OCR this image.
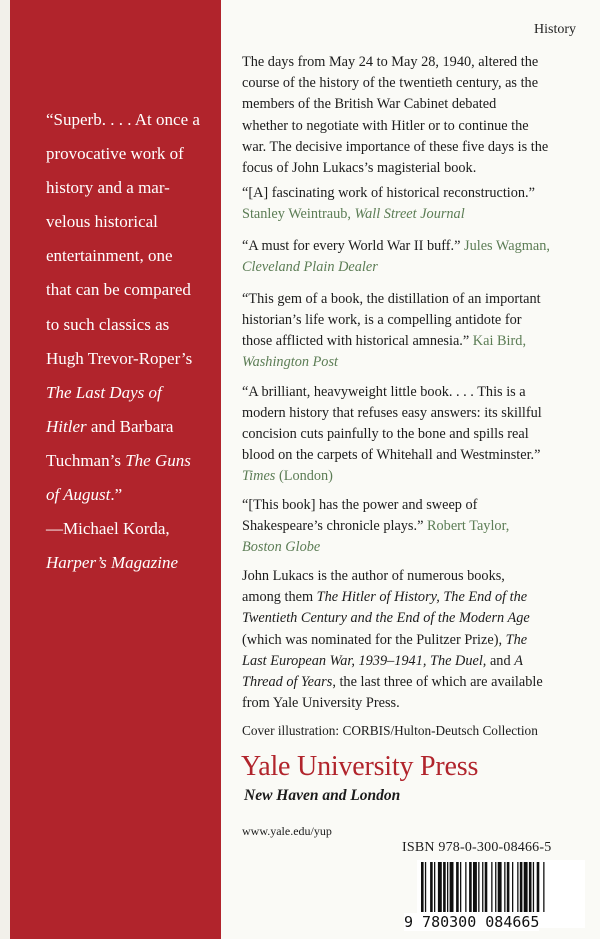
“Superb. . . . At once a
provocative work of
history and a mar-
velous historical
entertainment, one
that can be compared
to such classics as
Hugh Trevor-Roper’s
The Last Days of
Hitler and Barbara
Tuchman’s The Guns
of August.”
—Michael Korda,
Harper’s Magazine
History
The days from May 24 to May 28, 1940, altered the
course of the history of the twentieth century, as the
members of the British War Cabinet debated
whether to negotiate with Hitler or to continue the
war. The decisive importance of these five days is the
focus of John Lukacs’s magisterial book.
“[A] fascinating work of historical reconstruction.”
Stanley Weintraub, Wall Street Journal
“A must for every World War II buff.” Jules Wagman,
Cleveland Plain Dealer
“This gem of a book, the distillation of an important
historian’s life work, is a compelling antidote for
those afflicted with historical amnesia.” Kai Bird,
Washington Post
“A brilliant, heavyweight little book. . . . This is a
modern history that refuses easy answers: its skillful
concision cuts painfully to the bone and spills real
blood on the carpets of Whitehall and Westminster.”
Times (London)
“[This book] has the power and sweep of
Shakespeare’s chronicle plays.” Robert Taylor,
Boston Globe
John Lukacs is the author of numerous books,
among them The Hitler of History, The End of the
Twentieth Century and the End of the Modern Age
(which was nominated for the Pulitzer Prize), The
Last European War, 1939–1941, The Duel, and A
Thread of Years, the last three of which are available
from Yale University Press.
Cover illustration: CORBIS/Hulton-Deutsch Collection
Yale University Press
New Haven and London
www.yale.edu/yup
ISBN 978-0-300-08466-5
9 780300 084665
